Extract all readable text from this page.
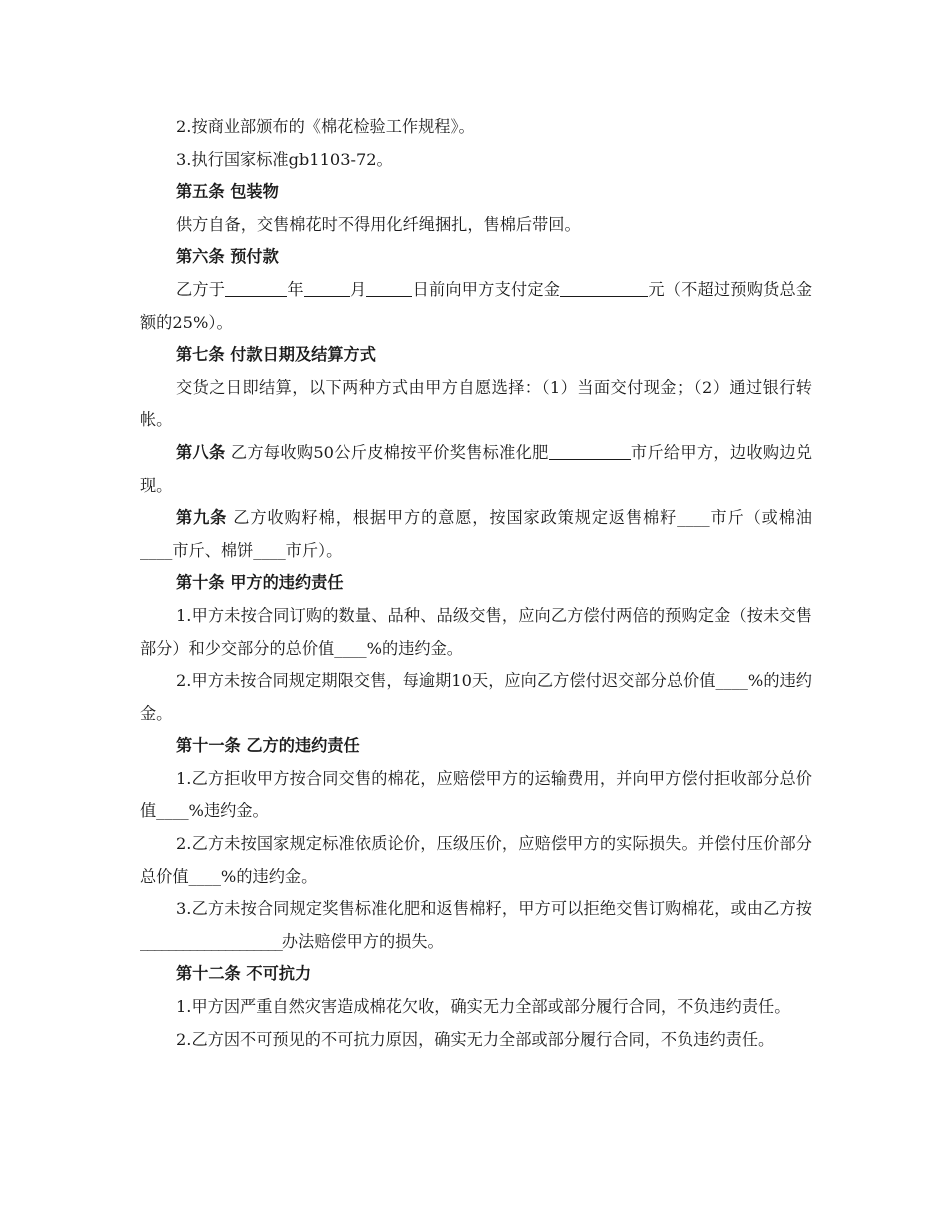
2.按商业部颁布的《棉花检验工作规程》。

3.执行国家标准gb1103-72。

第五条 包装物

供方自备，交售棉花时不得用化纤绳捆扎，售棉后带回。

第六条 预付款

乙方于	年	月	日前向甲方支付定金	元（不超过预购货总金额的25%）。

第七条 付款日期及结算方式

交货之日即结算，以下两种方式由甲方自愿选择：（1）当面交付现金；（2）通过银行转帐。

第八条 乙方每收购50公斤皮棉按平价奖售标准化肥	市斤给甲方，边收购边兑现。

第九条 乙方收购籽棉，根据甲方的意愿，按国家政策规定返售棉籽____市斤（或棉油____市斤、棉饼____市斤）。

第十条 甲方的违约责任

1.甲方未按合同订购的数量、品种、品级交售，应向乙方偿付两倍的预购定金（按未交售部分）和少交部分的总价值____%的违约金。

2.甲方未按合同规定期限交售，每逾期10天，应向乙方偿付迟交部分总价值____%的违约金。

第十一条 乙方的违约责任

1.乙方拒收甲方按合同交售的棉花，应赔偿甲方的运输费用，并向甲方偿付拒收部分总价值____%违约金。

2.乙方未按国家规定标准依质论价，压级压价，应赔偿甲方的实际损失。并偿付压价部分总价值____%的违约金。

3.乙方未按合同规定奖售标准化肥和返售棉籽，甲方可以拒绝交售订购棉花，或由乙方按____________________办法赔偿甲方的损失。

第十二条 不可抗力

1.甲方因严重自然灾害造成棉花欠收，确实无力全部或部分履行合同，不负违约责任。

2.乙方因不可预见的不可抗力原因，确实无力全部或部分履行合同，不负违约责任。
